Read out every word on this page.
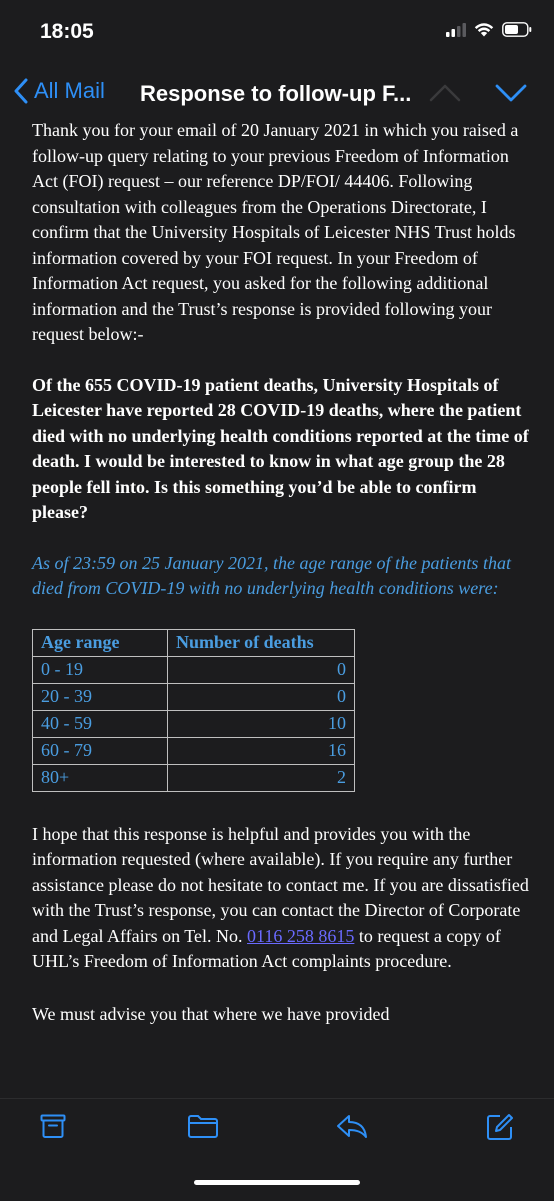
18:05
All Mail Response to follow-up F...

Thank you for your email of 20 January 2021 in which you raised a follow-up query relating to your previous Freedom of Information Act (FOI) request – our reference DP/FOI/ 44406. Following consultation with colleagues from the Operations Directorate, I confirm that the University Hospitals of Leicester NHS Trust holds information covered by your FOI request. In your Freedom of Information Act request, you asked for the following additional information and the Trust’s response is provided following your request below:-

Of the 655 COVID-19 patient deaths, University Hospitals of Leicester have reported 28 COVID-19 deaths, where the patient died with no underlying health conditions reported at the time of death. I would be interested to know in what age group the 28 people fell into. Is this something you’d be able to confirm please?

As of 23:59 on 25 January 2021, the age range of the patients that died from COVID-19 with no underlying health conditions were:

Age range	Number of deaths
0 - 19	0
20 - 39	0
40 - 59	10
60 - 79	16
80+	2

I hope that this response is helpful and provides you with the information requested (where available). If you require any further assistance please do not hesitate to contact me. If you are dissatisfied with the Trust’s response, you can contact the Director of Corporate and Legal Affairs on Tel. No. 0116 258 8615 to request a copy of UHL’s Freedom of Information Act complaints procedure.

We must advise you that where we have provided
